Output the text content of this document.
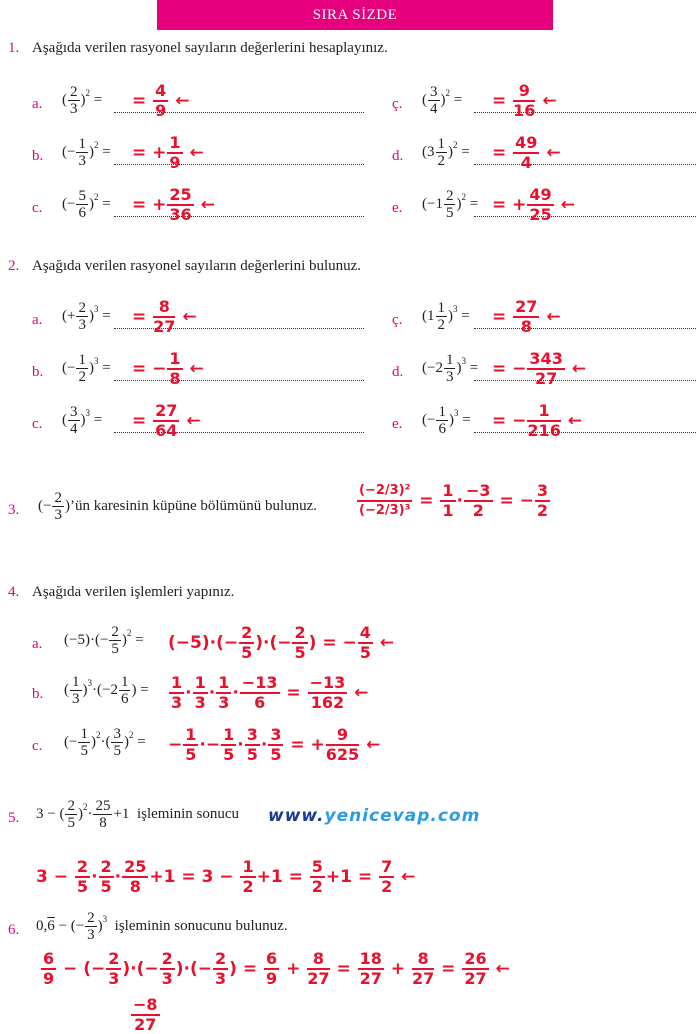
SIRA SİZDE
1. Aşağıda verilen rasyonel sayıların değerlerini hesaplayınız.
a. ( $\frac{2}{3} )^2$ = = $\frac{4}{9}$ ←	ç. ( $\frac{3}{4} )^2$ = = $\frac{9}{16}$ ←
b. (− $\frac{1}{3} )^2$ = = + $\frac{1}{9}$ ←	d. $(3 \frac{1}{2} )^2$ = = $\frac{49}{4}$ ←
c. (− $\frac{5}{6} )^2$ = = + $\frac{25}{36}$ ←	e. $(-1 \frac{2}{5} )^2$ = = + $\frac{49}{25}$ ←
2. Aşağıda verilen rasyonel sayıların değerlerini bulunuz.
a. (+ $\frac{2}{3} )^3$ = = $\frac{8}{27}$ ←	ç. $(1 \frac{1}{2} )^3$ = = $\frac{27}{8}$ ←
b. (− $\frac{1}{2} )^3$ = = − $\frac{1}{8}$ ←	d. $(-2 \frac{1}{3} )^3$ = = − $\frac{343}{27}$ ←
c. ( $\frac{3}{4} )^3$ = = $\frac{27}{64}$ ←	e. (− $\frac{1}{6} )^3$ = = − $\frac{1}{216}$ ←
3. (− $\frac{2}{3}$ )’ün karesinin küpüne bölümünü bulunuz.	$\frac{\text{(−2/3)²}}{\text{(−2/3)³}} = \frac{1}{1} \cdot \frac{-3}{2}$ = − $\frac{3}{2}$
4. Aşağıda verilen işlemleri yapınız.
a. $(-5)\cdot(- \frac{2}{5} )^2 = (-5)\cdot(- \frac{2}{5}$ )·(− $\frac{2}{5}$ ) = − $\frac{4}{5}$ ←
b. ( $\frac{1}{3} )^3\cdot(-2 \frac{1}{6}$ ) = $\frac{1}{3} \cdot \frac{1}{3} \cdot \frac{1}{3} \cdot \frac{-13}{6} = \frac{-13}{162}$ ←
c. (− $\frac{1}{5} )^2\cdot( \frac{3}{5} )^2$ = − $\frac{1}{5} \cdot- \frac{1}{5} \cdot \frac{3}{5} \cdot \frac{3}{5}$ = + $\frac{9}{625}$ ←
5. 3 − ( $\frac{2}{5} )^2\cdot \frac{25}{8} +1$  işleminin sonucu www.yenicevap.com
$3 - \frac{2}{5} \cdot \frac{2}{5} \cdot \frac{25}{8} +1 = 3 - \frac{1}{2} +1 = \frac{5}{2} +1 = \frac{7}{2}$ ←
6. 0,6 − (− $\frac{2}{3} )^3$ işleminin sonucunu bulunuz.
$\frac{6}{9}$ − (− $\frac{2}{3}$ )·(− $\frac{2}{3}$ )·(− $\frac{2}{3}$ ) = $\frac{6}{9} + \frac{8}{27} = \frac{18}{27} + \frac{8}{27} = \frac{26}{27}$ ←
$\frac{-8}{27}$
